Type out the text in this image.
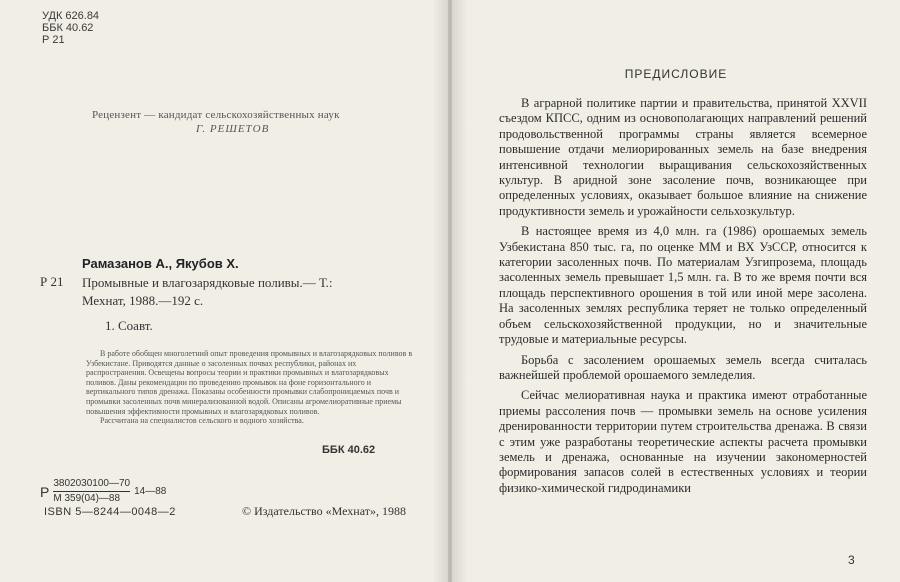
УДК 626.84
ББК 40.62
Р 21
Рецензент — кандидат сельскохозяйственных наук
Г. РЕШЕТОВ
Рамазанов А., Якубов Х.
Р 21 Промывные и влагозарядковые поливы.— Т.:
Мехнат, 1988.—192 с.
1. Соавт.
В работе обобщен многолетний опыт проведения промывных и влагозарядковых поливов в Узбекистане. Приводятся данные о засоленных почвах республики, районах их распространения. Освещены вопросы теории и практики промывных и влагозарядковых поливов. Даны рекомендации по проведению промывок на фоне горизонтального и вертикального типов дренажа. Показаны особенности промывки слабопроницаемых почв и промывки засоленных почв минерализованной водой. Описаны агромелиоративные приемы повышения эффективности промывных и влагозарядковых поливов.
Рассчитана на специалистов сельского и водного хозяйства.
ББК 40.62
Р $\frac{3802030100—70}{М 359(04)—88}$ 14—88
ISBN 5—8244—0048—2	© Издательство «Мехнат», 1988
ПРЕДИСЛОВИЕ

В аграрной политике партии и правительства, принятой XXVII съездом КПСС, одним из основополагающих направлений решений продовольственной программы страны является всемерное повышение отдачи мелиорированных земель на базе внедрения интенсивной технологии выращивания сельскохозяйственных культур. В аридной зоне засоление почв, возникающее при определенных условиях, оказывает большое влияние на снижение продуктивности земель и урожайности сельхозкультур.

В настоящее время из 4,0 млн. га (1986) орошаемых земель Узбекистана 850 тыс. га, по оценке ММ и ВХ УзССР, относится к категории засоленных почв. По материалам Узгипрозема, площадь засоленных земель превышает 1,5 млн. га. В то же время почти вся площадь перспективного орошения в той или иной мере засолена. На засоленных землях республика теряет не только определенный объем сельскохозяйственной продукции, но и значительные трудовые и материальные ресурсы.

Борьба с засолением орошаемых земель всегда считалась важнейшей проблемой орошаемого земледелия.

Сейчас мелиоративная наука и практика имеют отработанные приемы рассоления почв — промывки земель на основе усиления дренированности территории путем строительства дренажа. В связи с этим уже разработаны теоретические аспекты расчета промывки земель и дренажа, основанные на изучении закономерностей формирования запасов солей в естественных условиях и теории физико-химической гидродинамики

3
